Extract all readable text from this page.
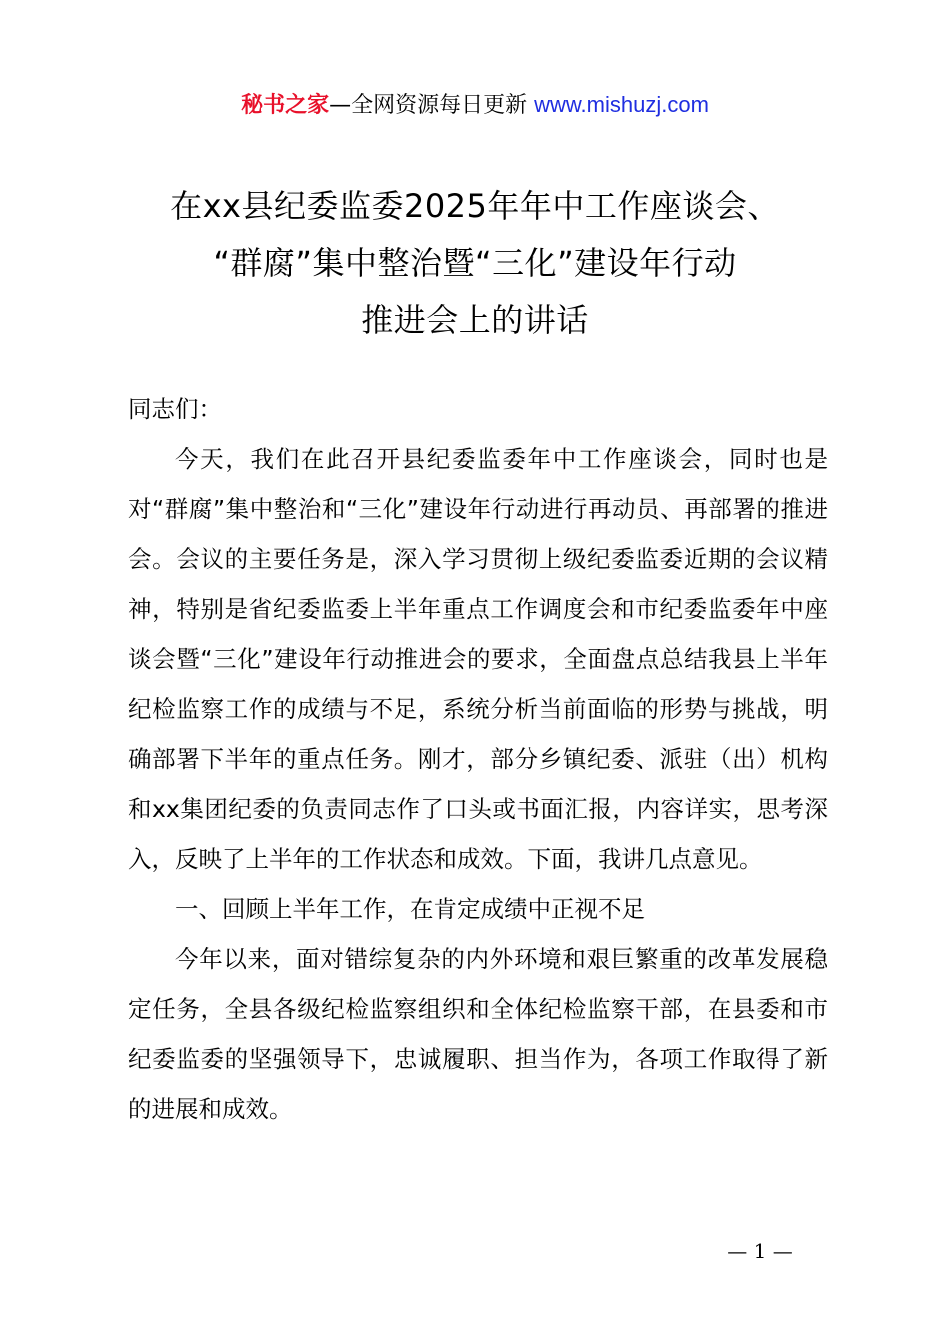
秘书之家—全网资源每日更新 www.mishuzj.com
在xx县纪委监委2025年年中工作座谈会、
“群腐”集中整治暨“三化”建设年行动
推进会上的讲话

同志们：

今天，我们在此召开县纪委监委年中工作座谈会，同时也是对“群腐”集中整治和“三化”建设年行动进行再动员、再部署的推进会。会议的主要任务是，深入学习贯彻上级纪委监委近期的会议精神，特别是省纪委监委上半年重点工作调度会和市纪委监委年中座谈会暨“三化”建设年行动推进会的要求，全面盘点总结我县上半年纪检监察工作的成绩与不足，系统分析当前面临的形势与挑战，明确部署下半年的重点任务。刚才，部分乡镇纪委、派驻（出）机构和xx集团纪委的负责同志作了口头或书面汇报，内容详实，思考深入，反映了上半年的工作状态和成效。下面，我讲几点意见。

一、回顾上半年工作，在肯定成绩中正视不足

今年以来，面对错综复杂的内外环境和艰巨繁重的改革发展稳定任务，全县各级纪检监察组织和全体纪检监察干部，在县委和市纪委监委的坚强领导下，忠诚履职、担当作为，各项工作取得了新的进展和成效。

— 1 —
